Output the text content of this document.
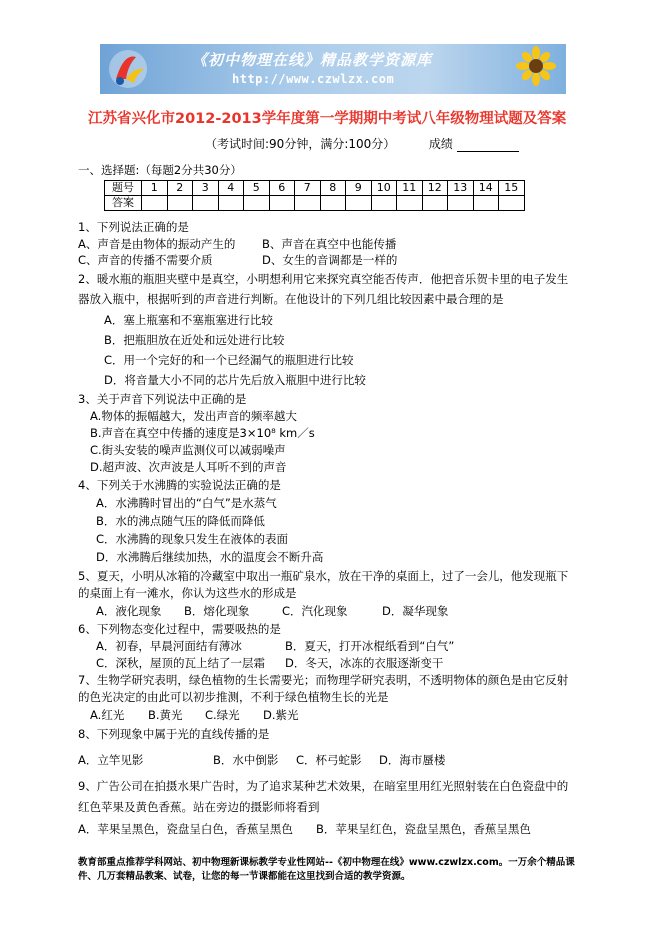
《初中物理在线》精品教学资源库
http://www.czwlzx.com
江苏省兴化市2012-2013学年度第一学期期中考试八年级物理试题及答案
（考试时间:90分钟，满分:100分）	成绩
一、选择题:（每题2分共30分）
题号	1	2	3	4	5	6	7	8	9	10	11	12	13	14	15
答案															
1、下列说法正确的是
A、声音是由物体的振动产生的 B、声音在真空中也能传播
C、声音的传播不需要介质	D、女生的音调都是一样的
2、暖水瓶的瓶胆夹壁中是真空，小明想利用它来探究真空能否传声．他把音乐贺卡里的电子发生
器放入瓶中，根据听到的声音进行判断。在他设计的下列几组比较因素中最合理的是
A．塞上瓶塞和不塞瓶塞进行比较
B．把瓶胆放在近处和远处进行比较
C．用一个完好的和一个已经漏气的瓶胆进行比较
D．将音量大小不同的芯片先后放入瓶胆中进行比较
3、关于声音下列说法中正确的是
A.物体的振幅越大，发出声音的频率越大
B.声音在真空中传播的速度是3×10⁸ km／s
C.街头安装的噪声监测仪可以减弱噪声
D.超声波、次声波是人耳听不到的声音
4、下列关于水沸腾的实验说法正确的是
A．水沸腾时冒出的“白气”是水蒸气
B．水的沸点随气压的降低而降低
C．水沸腾的现象只发生在液体的表面
D．水沸腾后继续加热，水的温度会不断升高
5、夏天，小明从冰箱的冷藏室中取出一瓶矿泉水，放在干净的桌面上，过了一会儿，他发现瓶下
的桌面上有一滩水，你认为这些水的形成是
A．液化现象 B．熔化现象	C．汽化现象	D．凝华现象
6、下列物态变化过程中，需要吸热的是
A．初春，早晨河面结有薄冰	B．夏天，打开冰棍纸看到“白气”
C．深秋，屋顶的瓦上结了一层霜 D．冬天，冰冻的衣服逐渐变干
7、生物学研究表明，绿色植物的生长需要光；而物理学研究表明，不透明物体的颜色是由它反射
的色光决定的由此可以初步推测，不利于绿色植物生长的光是
A.红光 B.黄光 C.绿光 D.紫光
8、下列现象中属于光的直线传播的是
A．立竿见影	B．水中倒影 C．杯弓蛇影 D．海市蜃楼
9、广告公司在拍摄水果广告时，为了追求某种艺术效果，在暗室里用红光照射装在白色瓷盘中的
红色苹果及黄色香蕉。站在旁边的摄影师将看到
A．苹果呈黑色，瓷盘呈白色，香蕉呈黑色 B．苹果呈红色，瓷盘呈黑色，香蕉呈黑色
教育部重点推荐学科网站、初中物理新课标教学专业性网站--《初中物理在线》www.czwlzx.com。一万余个精品课
件、几万套精品教案、试卷，让您的每一节课都能在这里找到合适的教学资源。
